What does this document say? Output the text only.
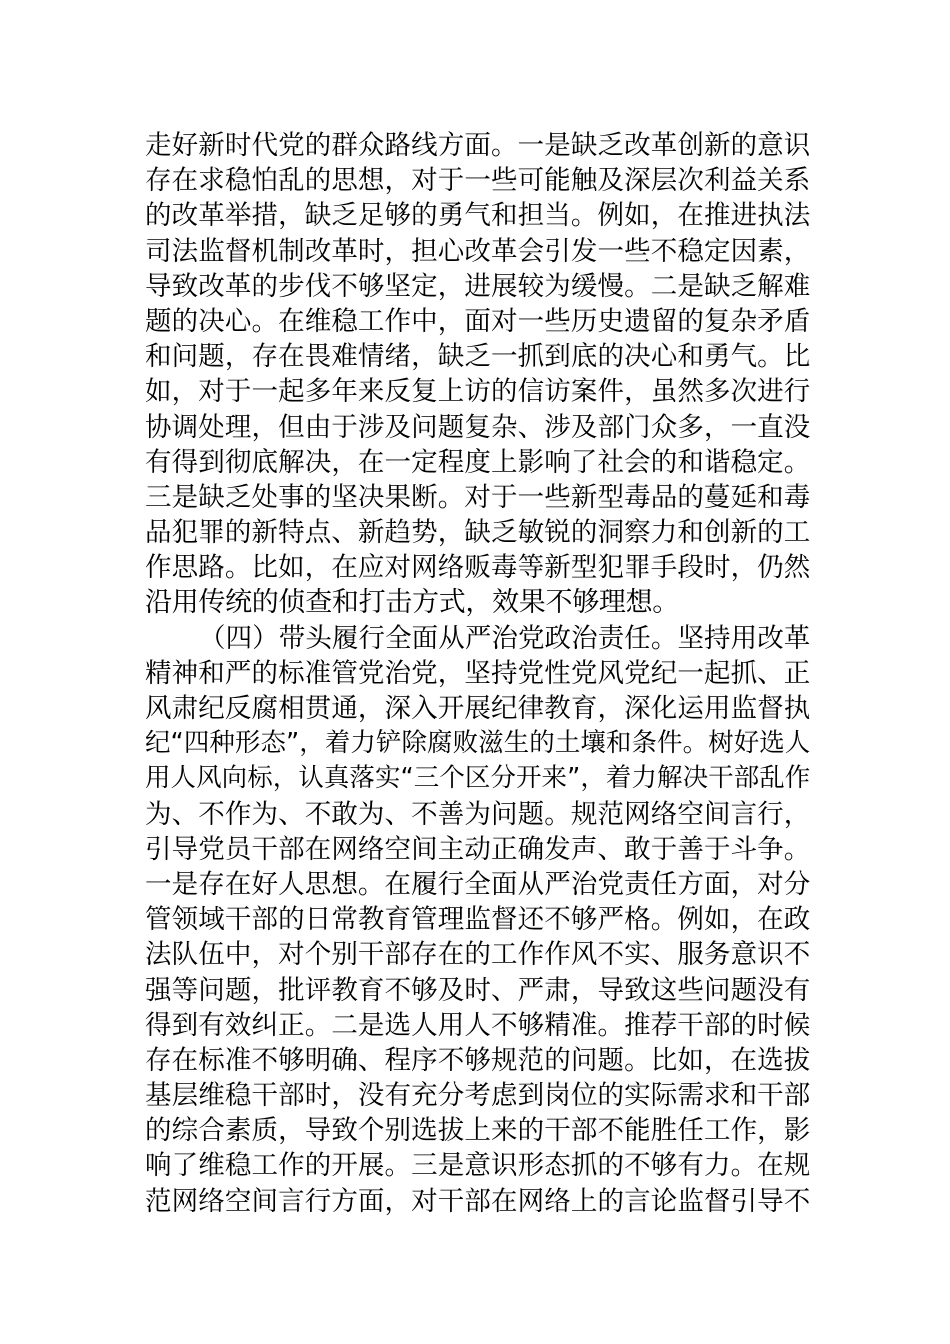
走好新时代党的群众路线方面。一是缺乏改革创新的意识
存在求稳怕乱的思想，对于一些可能触及深层次利益关系
的改革举措，缺乏足够的勇气和担当。例如，在推进执法
司法监督机制改革时，担心改革会引发一些不稳定因素，
导致改革的步伐不够坚定，进展较为缓慢。二是缺乏解难
题的决心。在维稳工作中，面对一些历史遗留的复杂矛盾
和问题，存在畏难情绪，缺乏一抓到底的决心和勇气。比
如，对于一起多年来反复上访的信访案件，虽然多次进行
协调处理，但由于涉及问题复杂、涉及部门众多，一直没
有得到彻底解决，在一定程度上影响了社会的和谐稳定。
三是缺乏处事的坚决果断。对于一些新型毒品的蔓延和毒
品犯罪的新特点、新趋势，缺乏敏锐的洞察力和创新的工
作思路。比如，在应对网络贩毒等新型犯罪手段时，仍然
沿用传统的侦查和打击方式，效果不够理想。
（四）带头履行全面从严治党政治责任。坚持用改革
精神和严的标准管党治党，坚持党性党风党纪一起抓、正
风肃纪反腐相贯通，深入开展纪律教育，深化运用监督执
纪“四种形态”，着力铲除腐败滋生的土壤和条件。树好选人
用人风向标，认真落实“三个区分开来”，着力解决干部乱作
为、不作为、不敢为、不善为问题。规范网络空间言行，
引导党员干部在网络空间主动正确发声、敢于善于斗争。
一是存在好人思想。在履行全面从严治党责任方面，对分
管领域干部的日常教育管理监督还不够严格。例如，在政
法队伍中，对个别干部存在的工作作风不实、服务意识不
强等问题，批评教育不够及时、严肃，导致这些问题没有
得到有效纠正。二是选人用人不够精准。推荐干部的时候
存在标准不够明确、程序不够规范的问题。比如，在选拔
基层维稳干部时，没有充分考虑到岗位的实际需求和干部
的综合素质，导致个别选拔上来的干部不能胜任工作，影
响了维稳工作的开展。三是意识形态抓的不够有力。在规
范网络空间言行方面，对干部在网络上的言论监督引导不
